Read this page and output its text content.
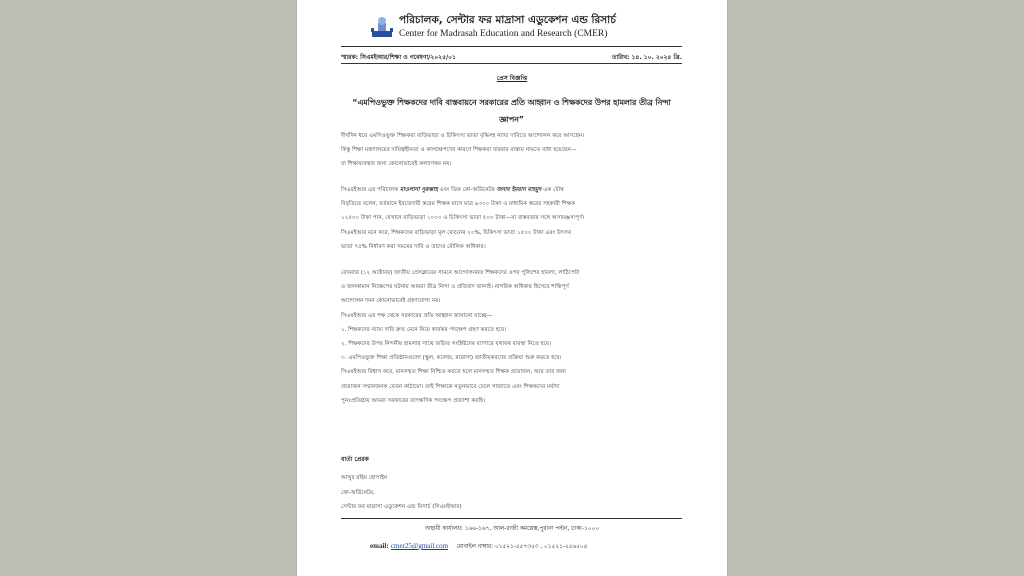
পরিচালক, সেন্টার ফর মাদ্রাসা এডুকেশন এন্ড রিসার্চ
Center for Madrasah Education and Research (CMER)
স্মারক: সিএমইআর/শিক্ষা ও গবেষণা/২০২৫/০১	তারিখ: ১৪. ১০. ২০২৫ খ্রি.
প্রেস বিজ্ঞপ্তি
“এমপিওভুক্ত শিক্ষকদের দাবি বাস্তবায়নে সরকারের প্রতি আহ্বান ও শিক্ষকদের উপর হামলার তীব্র নিন্দা জ্ঞাপন”

দীর্ঘদিন ধরে এমপিওভুক্ত শিক্ষকরা বাড়িভাড়া ও চিকিৎসা ভাতা বৃদ্ধিসহ ন্যায্য দাবিতে আন্দোলন করে আসছেন।

কিন্তু শিক্ষা মন্ত্রণালয়ের দায়িত্বহীনতা ও কালক্ষেপণের কারণে শিক্ষকরা বারবার রাস্তায় নামতে বাধ্য হয়েছেন—

যা শিক্ষাব্যবস্থার জন্য কোনোভাবেই কল্যাণকর নয়।

সিএমইআর এর পরিচালক মাওলানা নুরুল্লাহ এবং ডিফ কো-অর্ডিনেটর জনাব ইমরান মাহমুদ এক যৌথ

বিবৃতিতে বলেন, বর্তমানে ইবতেদায়ী স্তরের শিক্ষক মাসে মাত্র ৯৩০০ টাকা ও মাধ্যমিক স্তরের সহকারী শিক্ষক

১২৫০০ টাকা পান, যেখানে বাড়িভাড়া ১০০০ ও চিকিৎসা ভাতা ৫০০ টাকা—যা বাস্তবতার সঙ্গে অসামঞ্জস্যপূর্ণ।

সিএমইআর মনে করে, শিক্ষকদের বাড়িভাড়া মূল বেতনের ২০%, চিকিৎসা ভাতা ১৫০০ টাকা এবং উৎসব

ভাতা ৭৫% নির্ধারণ করা সময়ের দাবি ও তাদের মৌলিক অধিকার।

রোববার (১২ অক্টোবর) জাতীয় প্রেসক্লাবের সামনে আন্দোলনরত শিক্ষকদের ওপর পুলিশের হামলা, লাঠিপেটা

ও জলকামান নিক্ষেপের ঘটনায় আমরা তীব্র নিন্দা ও প্রতিবাদ জানাই। নাগরিক অধিকার হিসেবে শান্তিপূর্ণ

আন্দোলন দমন কোনোভাবেই গ্রহণযোগ্য নয়।

সিএমইআর এর পক্ষ থেকে সরকারের প্রতি আহ্বান জানানো যাচ্ছে—

১. শিক্ষকদের ন্যায্য দাবি দ্রুত মেনে নিয়ে কার্যকর পদক্ষেপ গ্রহণ করতে হবে।

২. শিক্ষকদের উপর নিন্দনীয় হামলার সাথে জড়িত সংশ্লিষ্টদের ব্যাপারে যথাযথ ব্যবস্থা নিতে হবে।

৩. এমপিওভুক্ত শিক্ষা প্রতিষ্ঠানগুলো (স্কুল, কলেজ, মাদ্রাসা) জাতীয়করণের প্রক্রিয়া শুরু করতে হবে।

সিএমইআর বিশ্বাস করে, মানসম্মত শিক্ষা নিশ্চিত করতে হলে মানসম্মত শিক্ষক প্রয়োজন, আর তার জন্য

প্রয়োজন সম্মানজনক বেতন কাঠামো। তাই শিক্ষাকে নতুনভাবে ঢেলে সাজাতে এবং শিক্ষকদের মর্যাদা

পুনঃপ্রতিষ্ঠায় আমরা সরকারের তাৎক্ষণিক পদক্ষেপ প্রত্যাশা করছি।

বার্তা প্রেরক

আব্দুর রহিম হোসাইন

কো-অর্ডিনেটর,

সেন্টার ফর মাদ্রাসা এডুকেশন এন্ড রিসার্চ (সিএমইআর)

অস্থায়ী কার্যালয়: ১৬৬-১৬৭, আল-রাজী কমপ্লেক্স,পুরানা পল্টন, ঢাকা-১০০০
email: cmer25@gmail.com মোবাইল নাম্বার: ০১৫২১-৫৫৭৩৫৩ , ০১৫২১-২৫৬৫০৪
